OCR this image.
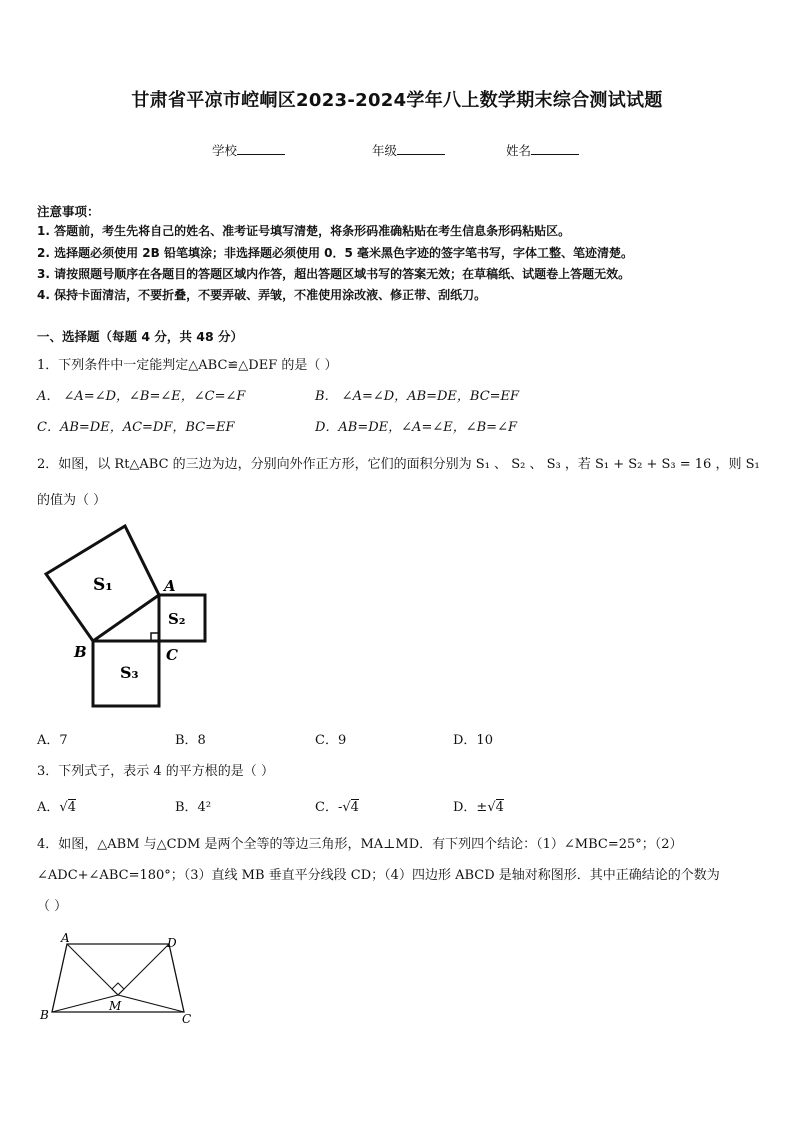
甘肃省平凉市崆峒区2023-2024学年八上数学期末综合测试试题
学校	年级	姓名
注意事项：
1. 答题前，考生先将自己的姓名、准考证号填写清楚，将条形码准确粘贴在考生信息条形码粘贴区。
2. 选择题必须使用 2B 铅笔填涂；非选择题必须使用 0．5 毫米黑色字迹的签字笔书写，字体工整、笔迹清楚。
3. 请按照题号顺序在各题目的答题区域内作答，超出答题区域书写的答案无效；在草稿纸、试题卷上答题无效。
4. 保持卡面清洁，不要折叠，不要弄破、弄皱，不准使用涂改液、修正带、刮纸刀。
一、选择题（每题 4 分，共 48 分）
1．下列条件中一定能判定△ABC≌△DEF 的是（ ）
A． ∠A=∠D，∠B=∠E，∠C=∠F	B． ∠A=∠D，AB=DE，BC=EF
C．AB=DE，AC=DF，BC=EF	D．AB=DE，∠A=∠E，∠B=∠F
2．如图，以 Rt△ABC 的三边为边，分别向外作正方形，它们的面积分别为 S₁ 、 S₂ 、 S₃ ，若 S₁ + S₂ + S₃ = 16 ，则 S₁
的值为（ ）
S₁
S₂
S₃
A
B	C
A．7	B．8	C．9	D．10
3．下列式子，表示 4 的平方根的是（ ）
A．√4	B．4²	C．‐√4	D．±√4
4．如图，△ABM 与△CDM 是两个全等的等边三角形，MA⊥MD．有下列四个结论：（1）∠MBC=25°；（2）
∠ADC+∠ABC=180°；（3）直线 MB 垂直平分线段 CD；（4）四边形 ABCD 是轴对称图形．其中正确结论的个数为
（ ）
A	D
B	C
M
